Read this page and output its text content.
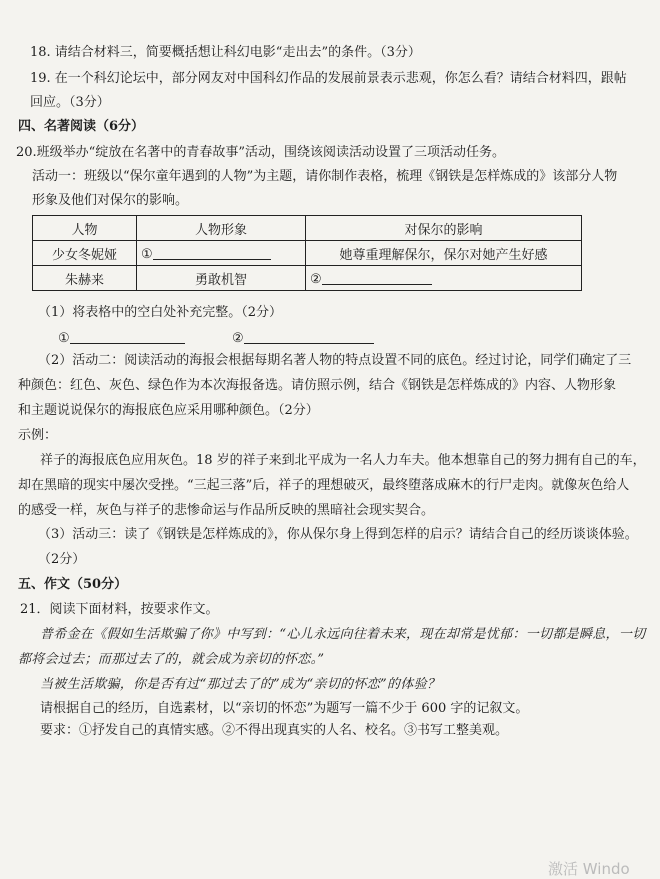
18. 请结合材料三，简要概括想让科幻电影“走出去”的条件。（3分）
19. 在一个科幻论坛中，部分网友对中国科幻作品的发展前景表示悲观，你怎么看？请结合材料四，跟帖
回应。（3分）
四、名著阅读（6分）
20.班级举办“绽放在名著中的青春故事”活动，围绕该阅读活动设置了三项活动任务。
活动一：班级以“保尔童年遇到的人物”为主题，请你制作表格，梳理《钢铁是怎样炼成的》该部分人物
形象及他们对保尔的影响。
人物	人物形象	对保尔的影响
少女冬妮娅	①	她尊重理解保尔，保尔对她产生好感
朱赫来	勇敢机智	②
（1）将表格中的空白处补充完整。（2分）
①	②
（2）活动二：阅读活动的海报会根据每期名著人物的特点设置不同的底色。经过讨论，同学们确定了三
种颜色：红色、灰色、绿色作为本次海报备选。请仿照示例，结合《钢铁是怎样炼成的》内容、人物形象
和主题说说保尔的海报底色应采用哪种颜色。（2分）
示例：
祥子的海报底色应用灰色。18 岁的祥子来到北平成为一名人力车夫。他本想靠自己的努力拥有自己的车，
却在黑暗的现实中屡次受挫。“三起三落”后，祥子的理想破灭，最终堕落成麻木的行尸走肉。就像灰色给人
的感受一样，灰色与祥子的悲惨命运与作品所反映的黑暗社会现实契合。
（3）活动三：读了《钢铁是怎样炼成的》，你从保尔身上得到怎样的启示？请结合自己的经历谈谈体验。
（2分）
五、作文（50分）
21．阅读下面材料，按要求作文。
普希金在《假如生活欺骗了你》中写到：“心儿永远向往着未来，现在却常是忧郁：一切都是瞬息，一切
都将会过去；而那过去了的，就会成为亲切的怀恋。”
当被生活欺骗，你是否有过“那过去了的”成为“亲切的怀恋”的体验？
请根据自己的经历，自选素材，以“亲切的怀恋”为题写一篇不少于 600 字的记叙文。
要求：①抒发自己的真情实感。②不得出现真实的人名、校名。③书写工整美观。
激活 Windo
